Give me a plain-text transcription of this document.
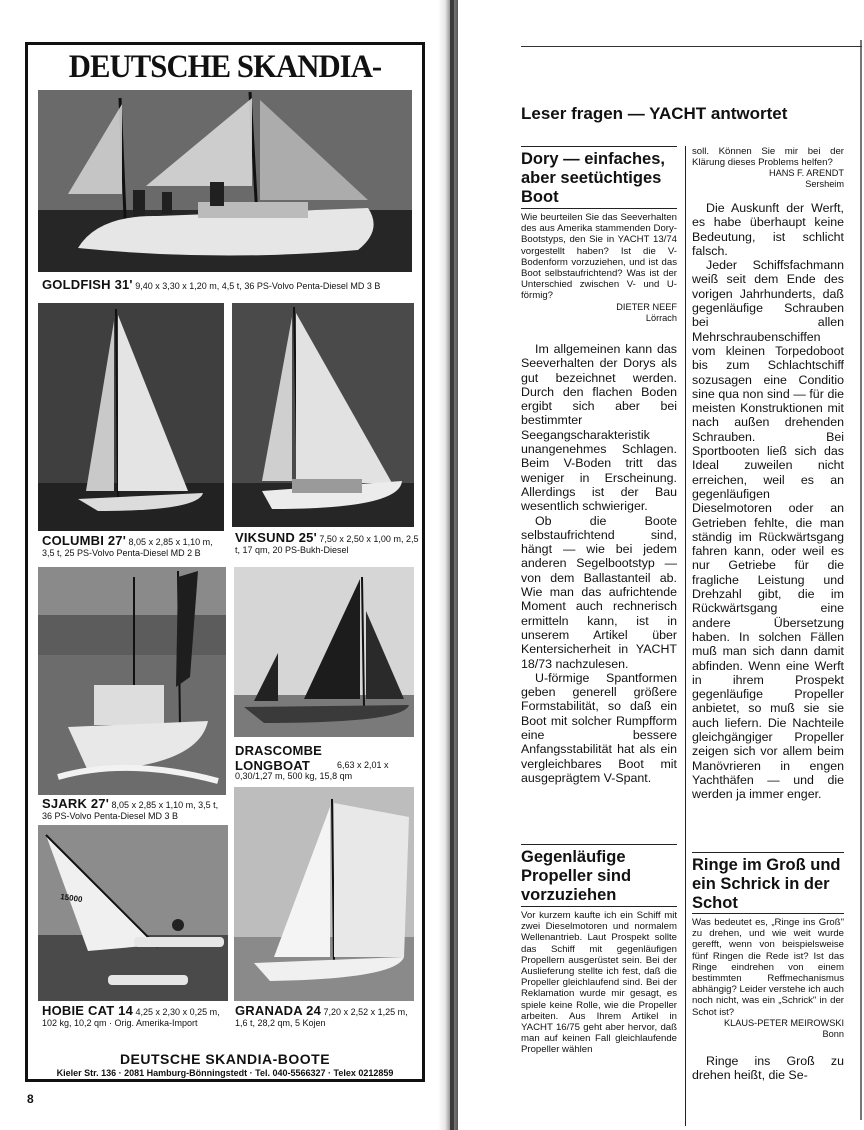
DEUTSCHE SKANDIA-
GOLDFISH 31' 9,40 x 3,30 x 1,20 m, 4,5 t, 36 PS-Volvo Penta-Diesel MD 3 B
COLUMBI 27' 8,05 x 2,85 x 1,10 m, 3,5 t, 25 PS-Volvo Penta-Diesel MD 2 B
VIKSUND 25' 7,50 x 2,50 x 1,00 m, 2,5 t, 17 qm, 20 PS-Bukh-Diesel
SJARK 27' 8,05 x 2,85 x 1,10 m, 3,5 t, 36 PS-Volvo Penta-Diesel MD 3 B
DRASCOMBE LONGBOAT	6,63 x 2,01 x 0,30/1,27 m, 500 kg, 15,8 qm
15000
HOBIE CAT 14 4,25 x 2,30 x 0,25 m, 102 kg, 10,2 qm · Orig. Amerika-Import
GRANADA 24 7,20 x 2,52 x 1,25 m, 1,6 t, 28,2 qm, 5 Kojen
DEUTSCHE SKANDIA-BOOTE
Kieler Str. 136 · 2081 Hamburg-Bönningstedt · Tel. 040-5566327 · Telex 0212859
8
Leser fragen — YACHT antwortet
Dory — einfaches, aber seetüchtiges Boot

Wie beurteilen Sie das Seeverhalten des aus Amerika stammenden Dory-Bootstyps, den Sie in YACHT 13/74 vorgestellt haben? Ist die V-Bodenform vorzuziehen, und ist das Boot selbstaufrichtend? Was ist der Unterschied zwischen V- und U-förmig?

DIETER NEEF
Lörrach

Im allgemeinen kann das Seeverhalten der Dorys als gut bezeichnet werden. Durch den flachen Boden ergibt sich aber bei bestimmter Seegangscharakteristik unangenehmes Schlagen. Beim V-Boden tritt das weniger in Erscheinung. Allerdings ist der Bau wesentlich schwieriger.

Ob die Boote selbstaufrichtend sind, hängt — wie bei jedem anderen Segelbootstyp — von dem Ballastanteil ab. Wie man das aufrichtende Moment auch rechnerisch ermitteln kann, ist in unserem Artikel über Kentersicherheit in YACHT 18/73 nachzulesen.

U-förmige Spantformen geben generell größere Formstabilität, so daß ein Boot mit solcher Rumpfform eine bessere Anfangsstabilität hat als ein vergleichbares Boot mit ausgeprägtem V-Spant.

Gegenläufige Propeller sind vorzuziehen

Vor kurzem kaufte ich ein Schiff mit zwei Dieselmotoren und normalem Wellenantrieb. Laut Prospekt sollte das Schiff mit gegenläufigen Propellern ausgerüstet sein. Bei der Auslieferung stellte ich fest, daß die Propeller gleichlaufend sind. Bei der Reklamation wurde mir gesagt, es spiele keine Rolle, wie die Propeller arbeiten. Aus Ihrem Artikel in YACHT 16/75 geht aber hervor, daß man auf keinen Fall gleichlaufende Propeller wählen

soll. Können Sie mir bei der Klärung dieses Problems helfen?

HANS F. ARENDT
Sersheim

Die Auskunft der Werft, es habe überhaupt keine Bedeutung, ist schlicht falsch.

Jeder Schiffsfachmann weiß seit dem Ende des vorigen Jahrhunderts, daß gegenläufige Schrauben bei allen Mehrschraubenschiffen vom kleinen Torpedoboot bis zum Schlachtschiff sozusagen eine Conditio sine qua non sind — für die meisten Konstruktionen mit nach außen drehenden Schrauben. Bei Sportbooten ließ sich das Ideal zuweilen nicht erreichen, weil es an gegenläufigen Dieselmotoren oder an Getrieben fehlte, die man ständig im Rückwärtsgang fahren kann, oder weil es nur Getriebe für die fragliche Leistung und Drehzahl gibt, die im Rückwärtsgang eine andere Übersetzung haben. In solchen Fällen muß man sich dann damit abfinden. Wenn eine Werft in ihrem Prospekt gegenläufige Propeller anbietet, so muß sie sie auch liefern. Die Nachteile gleichgängiger Propeller zeigen sich vor allem beim Manövrieren in engen Yachthäfen — und die werden ja immer enger.

Ringe im Groß und ein Schrick in der Schot

Was bedeutet es, „Ringe ins Groß" zu drehen, und wie weit wurde gerefft, wenn von beispielsweise fünf Ringen die Rede ist? Ist das Ringe eindrehen von einem bestimmten Reffmechanismus abhängig? Leider verstehe ich auch noch nicht, was ein „Schrick" in der Schot ist?

KLAUS-PETER MEIROWSKI
Bonn

Ringe ins Groß zu drehen heißt, die Se-
